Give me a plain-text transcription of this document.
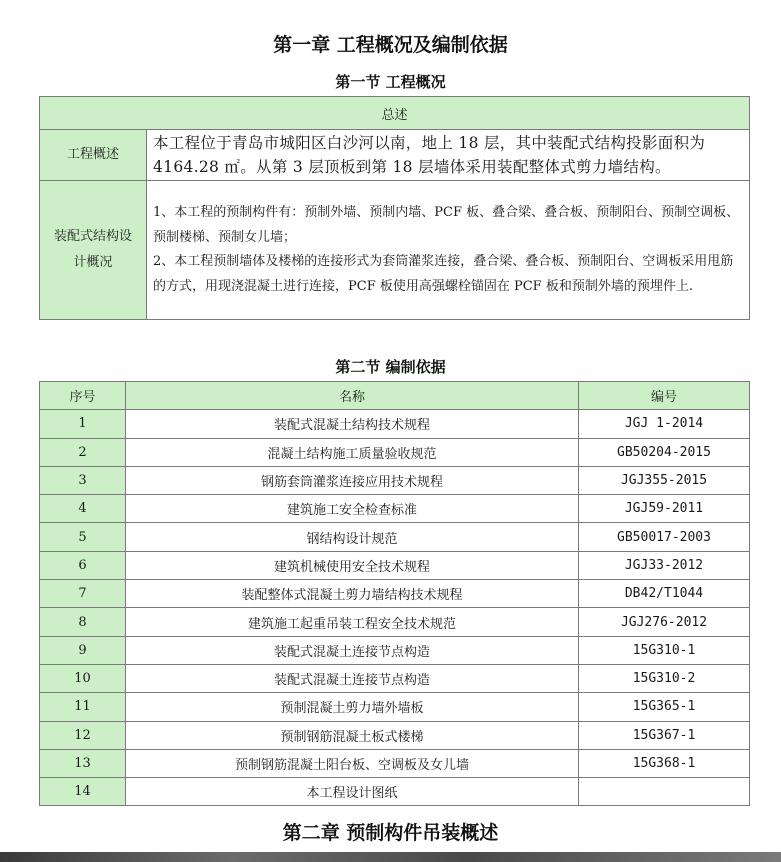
第一章 工程概况及编制依据
第一节 工程概况
总述	
工程概述	本工程位于青岛市城阳区白沙河以南，地上 18 层，其中装配式结构投影面积为 4164.28 ㎡。从第 3 层顶板到第 18 层墙体采用装配整体式剪力墙结构。
装配式结构设计概况	1、本工程的预制构件有：预制外墙、预制内墙、PCF 板、叠合梁、叠合板、预制阳台、预制空调板、预制楼梯、预制女儿墙；
2、本工程预制墙体及楼梯的连接形式为套筒灌浆连接，叠合梁、叠合板、预制阳台、空调板采用甩筋的方式，用现浇混凝土进行连接，PCF 板使用高强螺栓锚固在 PCF 板和预制外墙的预埋件上.
第二节 编制依据
序号	名称	编号
1	装配式混凝土结构技术规程	JGJ 1-2014
2	混凝土结构施工质量验收规范	GB50204-2015
3	钢筋套筒灌浆连接应用技术规程	JGJ355-2015
4	建筑施工安全检查标准	JGJ59-2011
5	钢结构设计规范	GB50017-2003
6	建筑机械使用安全技术规程	JGJ33-2012
7	装配整体式混凝土剪力墙结构技术规程	DB42/T1044
8	建筑施工起重吊装工程安全技术规范	JGJ276-2012
9	装配式混凝土连接节点构造	15G310-1
10	装配式混凝土连接节点构造	15G310-2
11	预制混凝土剪力墙外墙板	15G365-1
12	预制钢筋混凝土板式楼梯	15G367-1
13	预制钢筋混凝土阳台板、空调板及女儿墙	15G368-1
14	本工程设计图纸	
第二章 预制构件吊装概述
